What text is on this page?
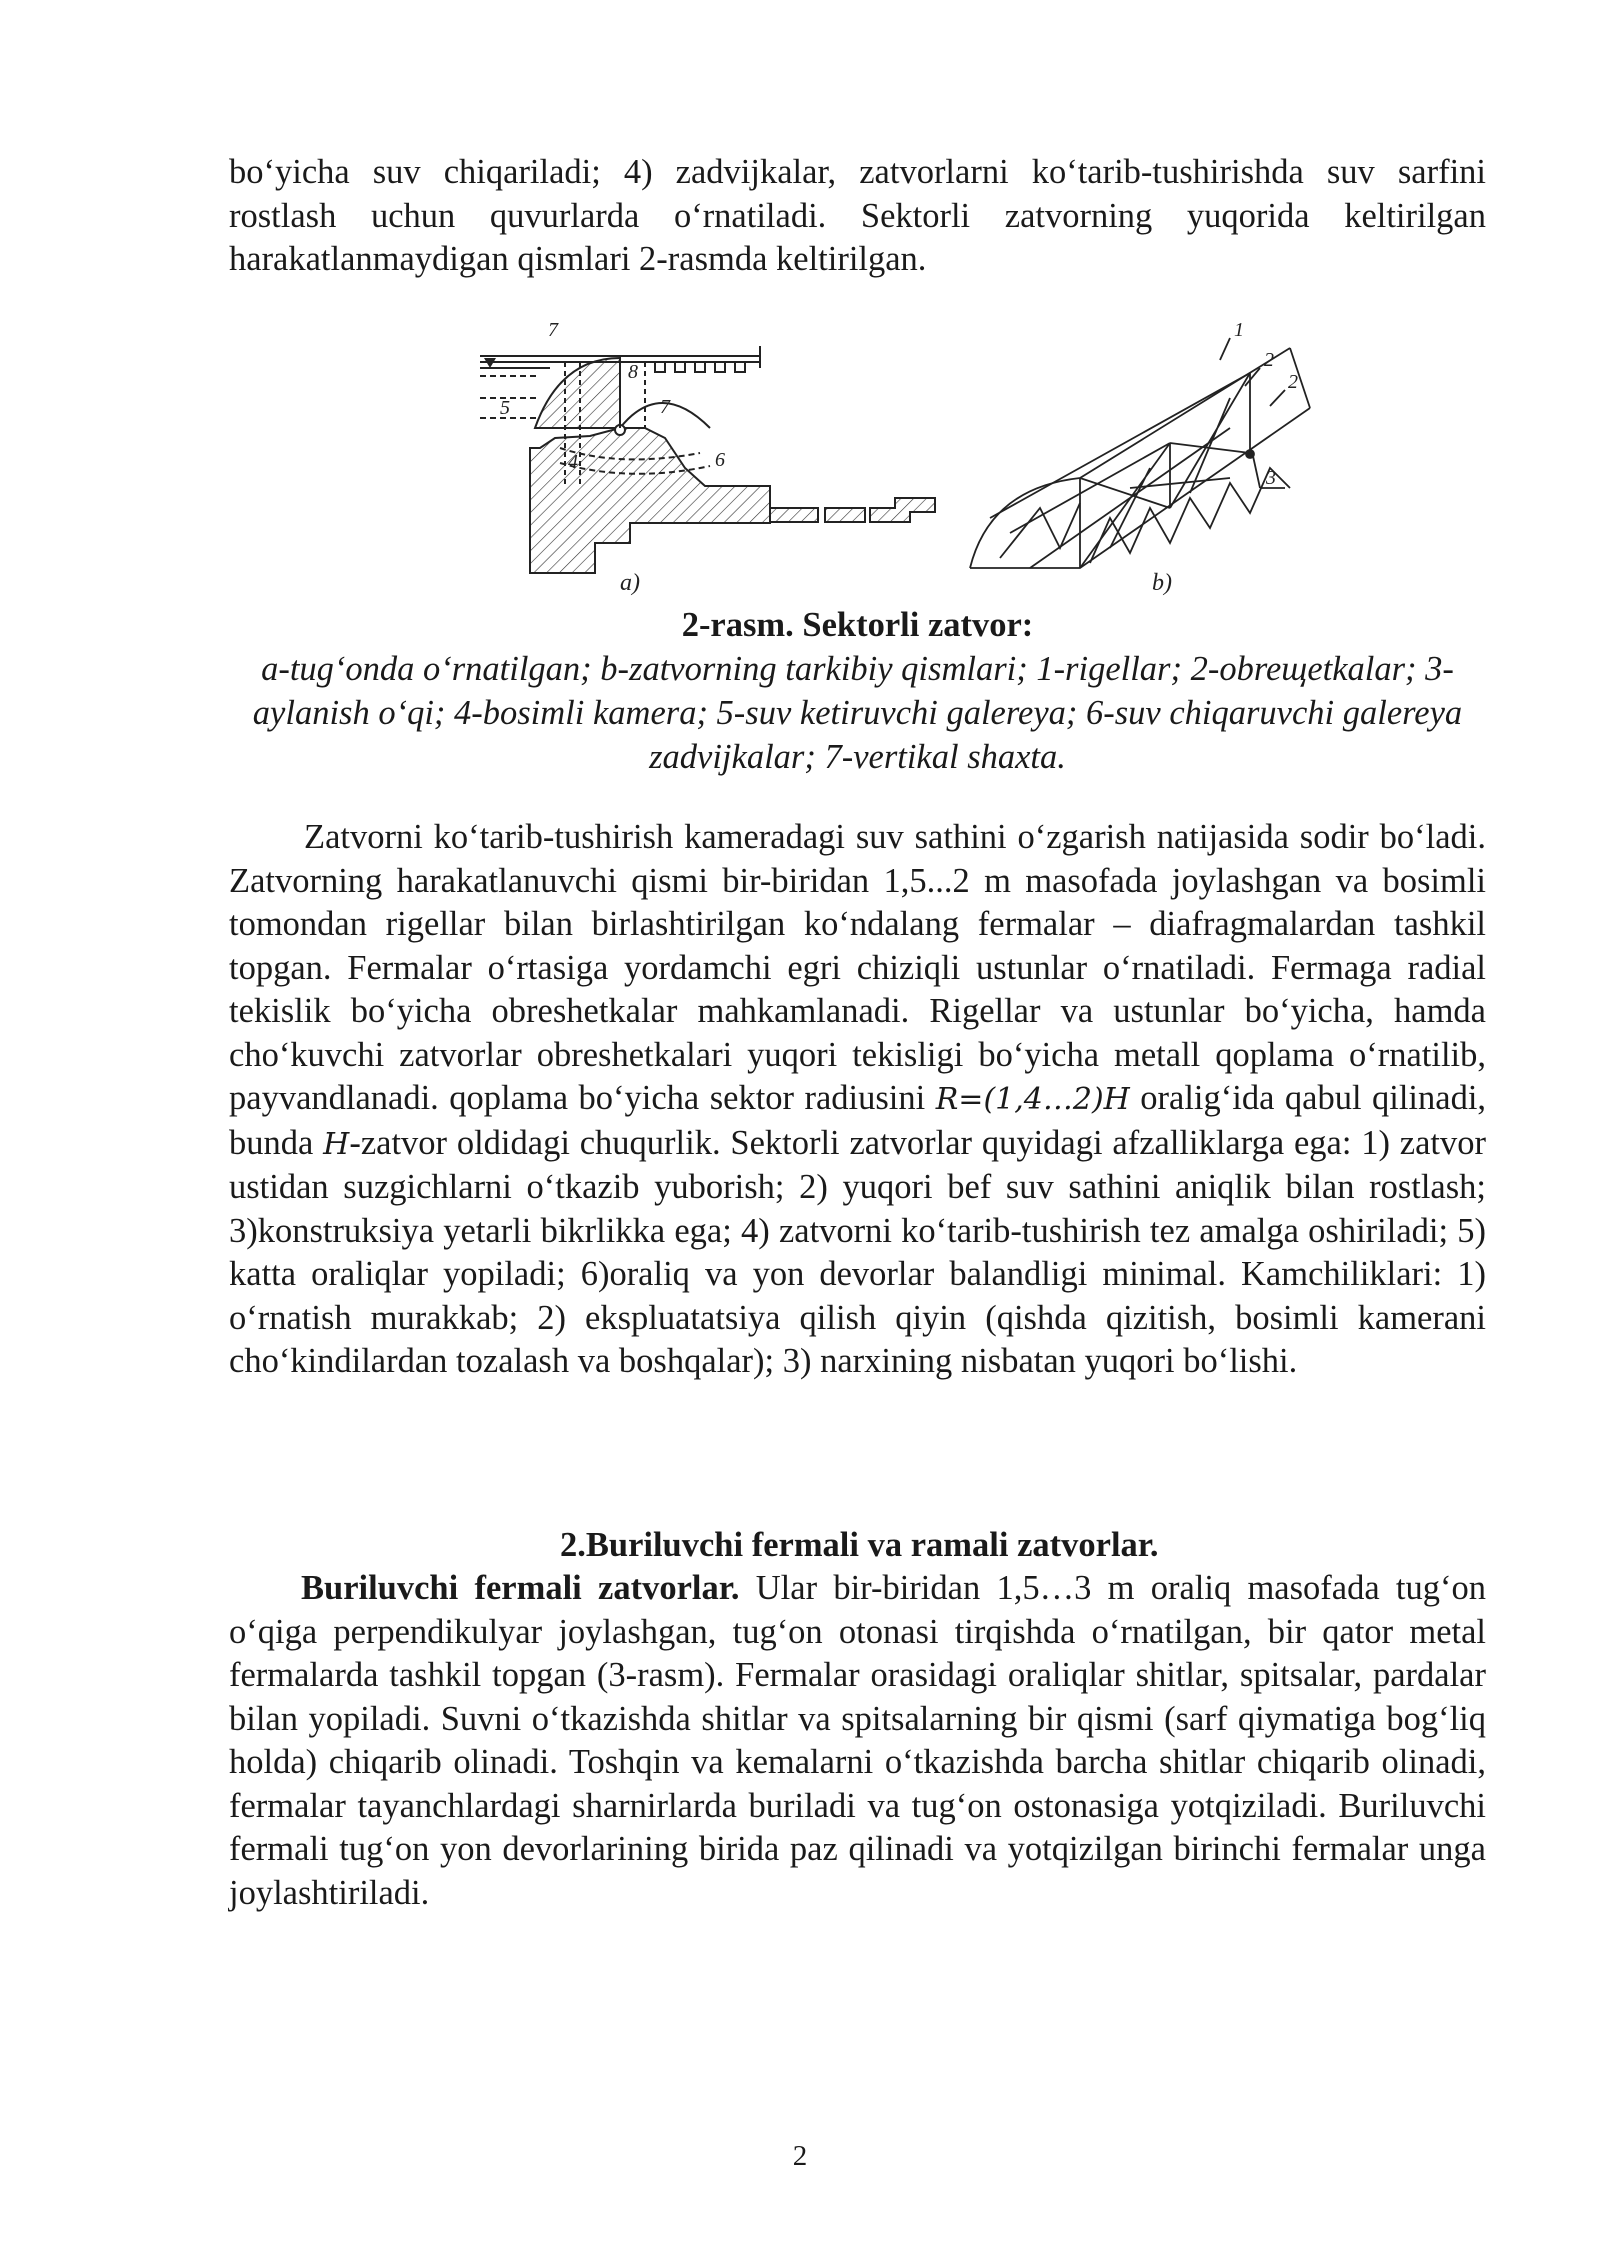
bo‘yicha suv chiqariladi; 4) zadvijkalar, zatvorlarni ko‘tarib-tushirishda suv sarfini rostlash uchun quvurlarda o‘rnatiladi. Sektorli zatvorning yuqorida keltirilgan harakatlanmaydigan qismlari 2-rasmda keltirilgan.

7
8
7
5
4	6
a)
1
2
2
3
b)

2-rasm. Sektorli zatvor:

a-tug‘onda o‘rnatilgan; b-zatvorning tarkibiy qismlari; 1-rigellar; 2-obreщetkalar; 3-aylanish o‘qi; 4-bosimli kamera; 5-suv ketiruvchi galereya; 6-suv chiqaruvchi galereya zadvijkalar; 7-vertikal shaxta.

Zatvorni ko‘tarib-tushirish kameradagi suv sathini o‘zgarish natijasida sodir bo‘ladi. Zatvorning harakatlanuvchi qismi bir-biridan 1,5...2 m masofada joylashgan va bosimli tomondan rigellar bilan birlashtirilgan ko‘ndalang fermalar – diafragmalardan tashkil topgan. Fermalar o‘rtasiga yordamchi egri chiziqli ustunlar o‘rnatiladi. Fermaga radial tekislik bo‘yicha obreshetkalar mahkamlanadi. Rigellar va ustunlar bo‘yicha, hamda cho‘kuvchi zatvorlar obreshetkalari yuqori tekisligi bo‘yicha metall qoplama o‘rnatilib, payvandlanadi. qoplama bo‘yicha sektor radiusini R=(1,4…2)H oralig‘ida qabul qilinadi, bunda H-zatvor oldidagi chuqurlik. Sektorli zatvorlar quyidagi afzalliklarga ega: 1) zatvor ustidan suzgichlarni o‘tkazib yuborish; 2) yuqori bef suv sathini aniqlik bilan rostlash; 3)konstruksiya yetarli bikrlikka ega; 4) zatvorni ko‘tarib-tushirish tez amalga oshiriladi; 5) katta oraliqlar yopiladi; 6)oraliq va yon devorlar balandligi minimal. Kamchiliklari: 1) o‘rnatish murakkab; 2) ekspluatatsiya qilish qiyin (qishda qizitish, bosimli kamerani cho‘kindilardan tozalash va boshqalar); 3) narxining nisbatan yuqori bo‘lishi.

2.Buriluvchi fermali va ramali zatvorlar.

Buriluvchi fermali zatvorlar. Ular bir-biridan 1,5…3 m oraliq masofada tug‘on o‘qiga perpendikulyar joylashgan, tug‘on otonasi tirqishda o‘rnatilgan, bir qator metal fermalarda tashkil topgan (3-rasm). Fermalar orasidagi oraliqlar shitlar, spitsalar, pardalar bilan yopiladi. Suvni o‘tkazishda shitlar va spitsalarning bir qismi (sarf qiymatiga bog‘liq holda) chiqarib olinadi. Toshqin va kemalarni o‘tkazishda barcha shitlar chiqarib olinadi, fermalar tayanchlardagi sharnirlarda buriladi va tug‘on ostonasiga yotqiziladi. Buriluvchi fermali tug‘on yon devorlarining birida paz qilinadi va yotqizilgan birinchi fermalar unga joylashtiriladi.

2
